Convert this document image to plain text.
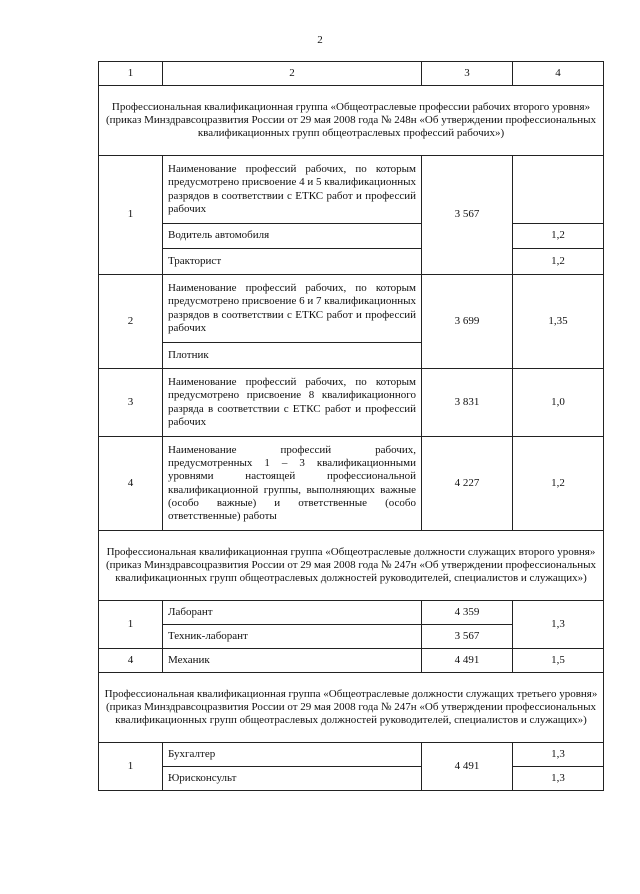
2
1	2	3	4
Профессиональная квалификационная группа «Общеотраслевые профессии рабочих второго уровня» (приказ Минздравсоцразвития России от 29 мая 2008 года № 248н «Об утверждении профессиональных квалификационных групп общеотраслевых профессий рабочих»)			
1	Наименование профессий рабочих, по которым предусмотрено присвоение 4 и 5 квалификационных разрядов в соответствии с ЕТКС работ и профессий рабочих	3 567	
	Водитель автомобиля		1,2
	Тракторист		1,2
2	Наименование профессий рабочих, по которым предусмотрено присвоение 6 и 7 квалификационных разрядов в соответствии с ЕТКС работ и профессий рабочих	3 699	1,35
	Плотник		
3	Наименование профессий рабочих, по которым предусмотрено присвоение 8 квалификационного разряда в соответствии с ЕТКС работ и профессий рабочих	3 831	1,0
4	Наименование профессий рабочих, предусмотренных 1 – 3 квалификационными уровнями настоящей профессиональной квалификационной группы, выполняющих важные (особо важные) и ответственные (особо ответственные) работы	4 227	1,2
Профессиональная квалификационная группа «Общеотраслевые должности служащих второго уровня» (приказ Минздравсоцразвития России от 29 мая 2008 года № 247н «Об утверждении профессиональных квалификационных групп общеотраслевых должностей руководителей, специалистов и служащих»)			
1	Лаборант	4 359	1,3
	Техник-лаборант	3 567	
4	Механик	4 491	1,5
Профессиональная квалификационная группа «Общеотраслевые должности служащих третьего уровня» (приказ Минздравсоцразвития России от 29 мая 2008 года № 247н «Об утверждении профессиональных квалификационных групп общеотраслевых должностей руководителей, специалистов и служащих»)			
1	Бухгалтер	4 491	1,3
	Юрисконсульт		1,3
